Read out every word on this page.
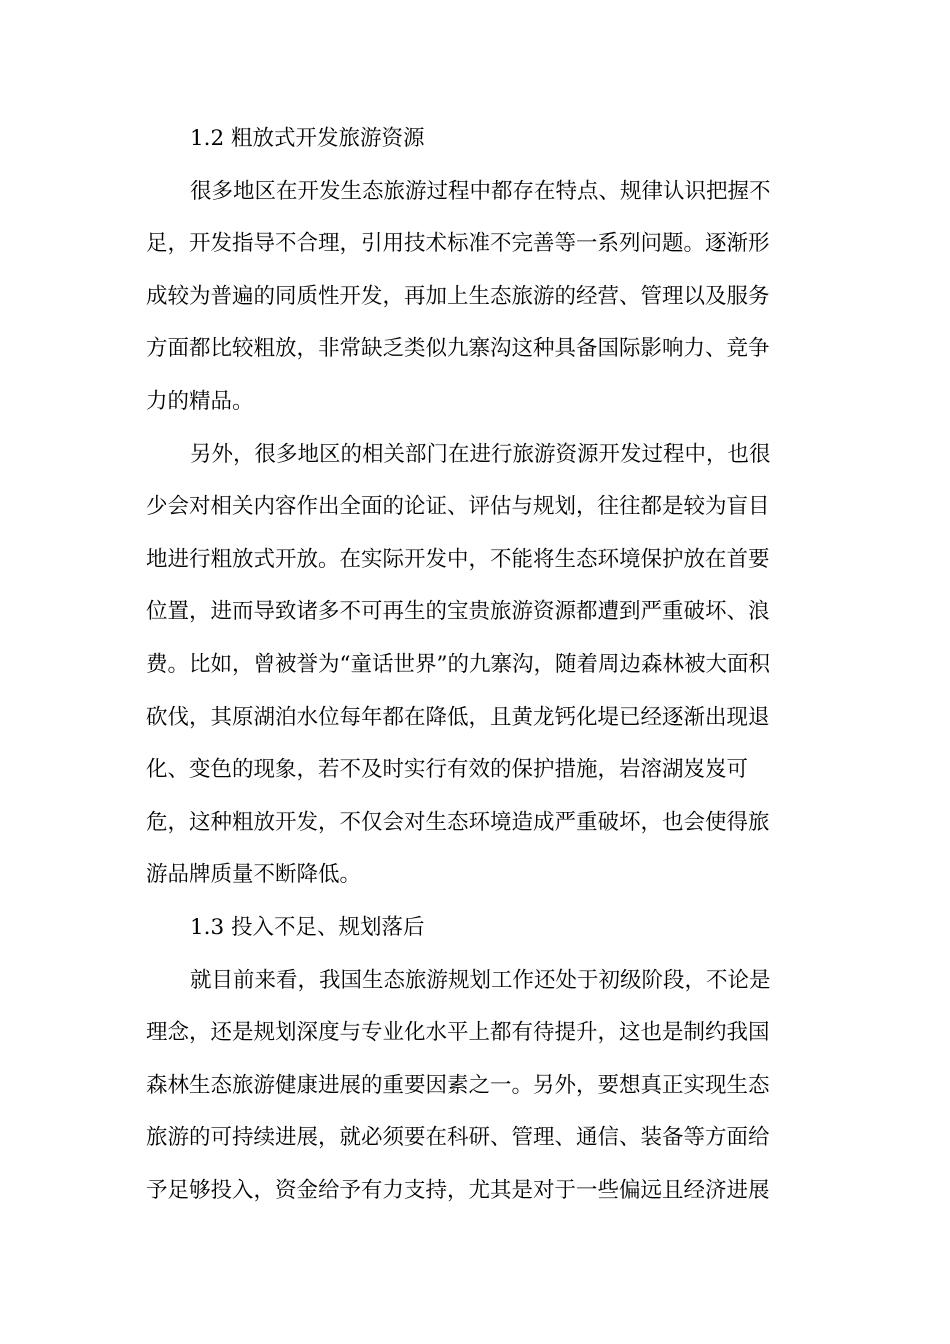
1.2 粗放式开发旅游资源

很多地区在开发生态旅游过程中都存在特点、规律认识把握不
足，开发指导不合理，引用技术标准不完善等一系列问题。逐渐形
成较为普遍的同质性开发，再加上生态旅游的经营、管理以及服务
方面都比较粗放，非常缺乏类似九寨沟这种具备国际影响力、竞争
力的精品。

另外，很多地区的相关部门在进行旅游资源开发过程中，也很
少会对相关内容作出全面的论证、评估与规划，往往都是较为盲目
地进行粗放式开放。在实际开发中，不能将生态环境保护放在首要
位置，进而导致诸多不可再生的宝贵旅游资源都遭到严重破坏、浪
费。比如，曾被誉为“童话世界”的九寨沟，随着周边森林被大面积
砍伐，其原湖泊水位每年都在降低，且黄龙钙化堤已经逐渐出现退
化、变色的现象，若不及时实行有效的保护措施，岩溶湖岌岌可
危，这种粗放开发，不仅会对生态环境造成严重破坏，也会使得旅
游品牌质量不断降低。

1.3 投入不足、规划落后

就目前来看，我国生态旅游规划工作还处于初级阶段，不论是
理念，还是规划深度与专业化水平上都有待提升，这也是制约我国
森林生态旅游健康进展的重要因素之一。另外，要想真正实现生态
旅游的可持续进展，就必须要在科研、管理、通信、装备等方面给
予足够投入，资金给予有力支持，尤其是对于一些偏远且经济进展
